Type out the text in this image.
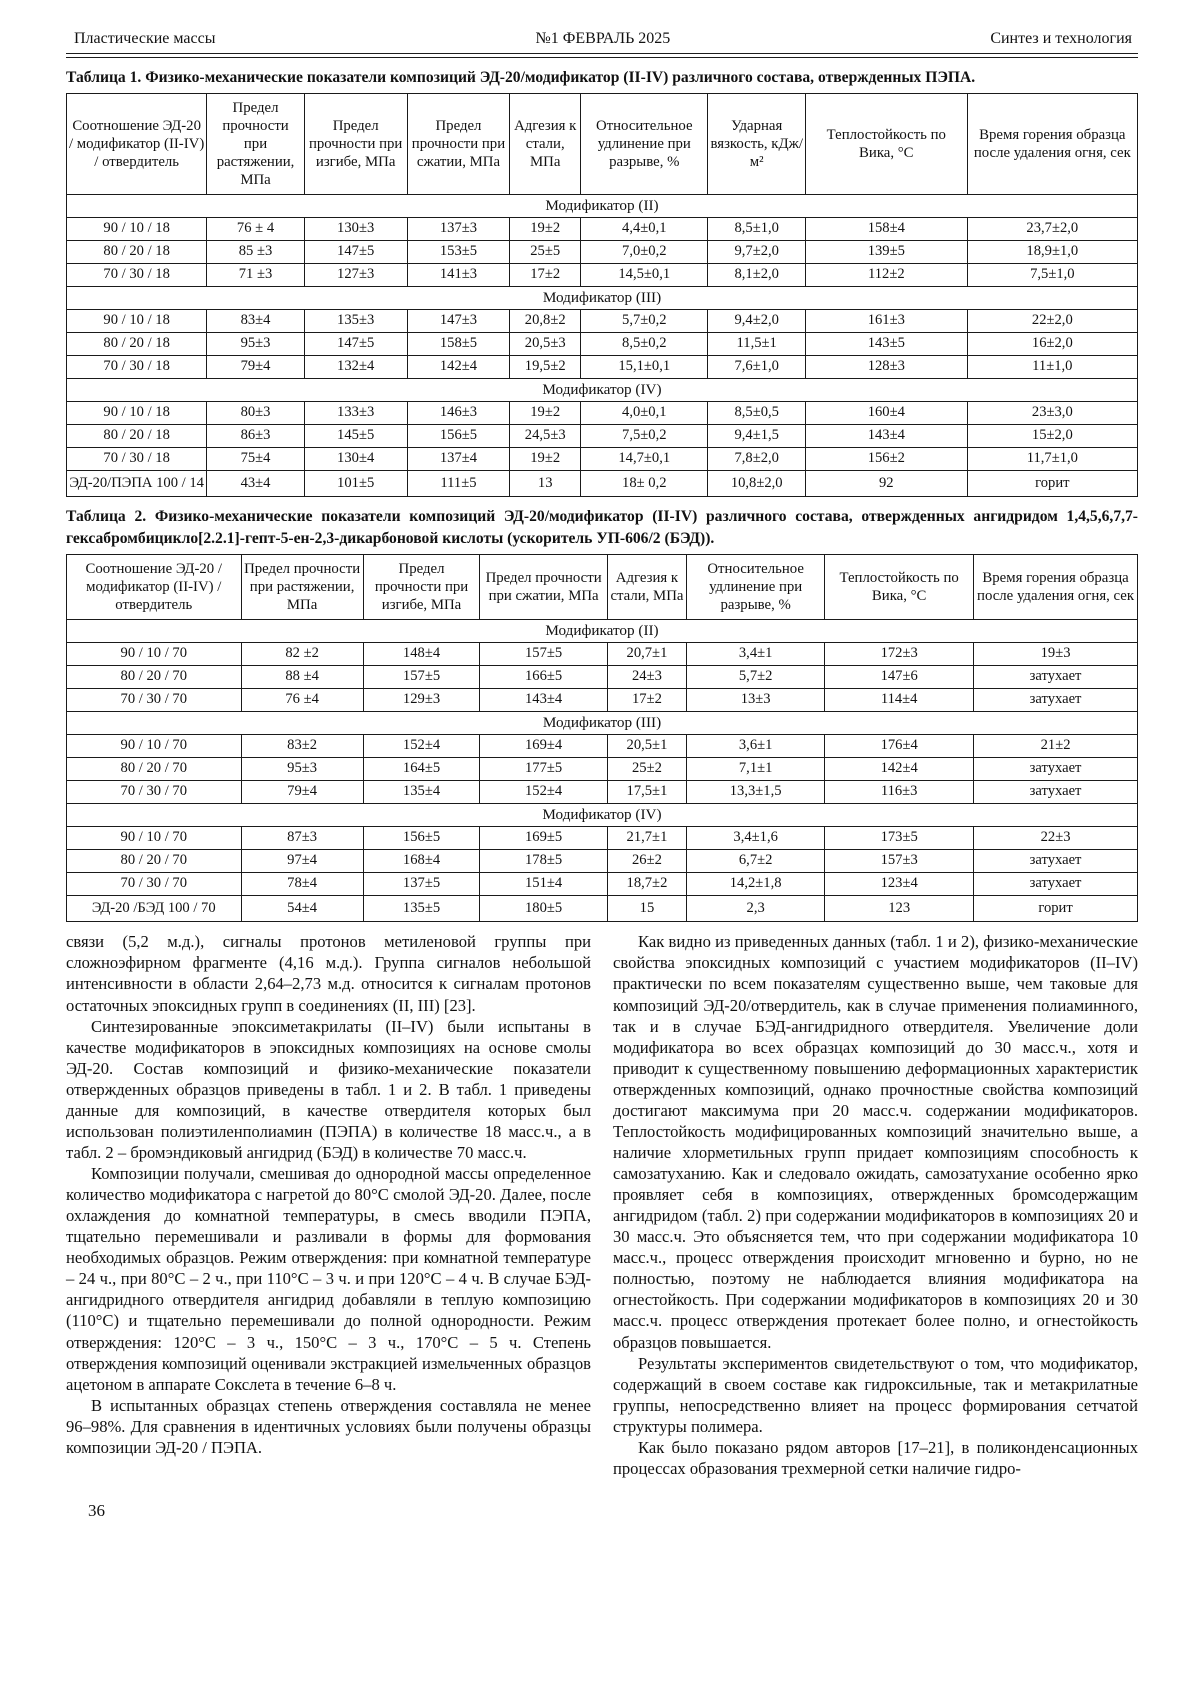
Пластические массы	№1 ФЕВРАЛЬ 2025	Синтез и технология

Таблица 1. Физико-механические показатели композиций ЭД-20/модификатор (II-IV) различного состава, отвержденных ПЭПА.

Соотношение ЭД-20 / модификатор (II-IV) / отвердитель	Предел прочности при растяжении, МПа	Предел прочности при изгибе, МПа	Предел прочности при сжатии, МПа	Адгезия к стали, МПа	Относительное удлинение при разрыве, %	Ударная вязкость, кДж/м²	Теплостойкость по Вика, °С	Время горения образца после удаления огня, сек
Модификатор (II)								
90 / 10 / 18	76 ± 4	130±3	137±3	19±2	4,4±0,1	8,5±1,0	158±4	23,7±2,0
80 / 20 / 18	85 ±3	147±5	153±5	25±5	7,0±0,2	9,7±2,0	139±5	18,9±1,0
70 / 30 / 18	71 ±3	127±3	141±3	17±2	14,5±0,1	8,1±2,0	112±2	7,5±1,0
Модификатор (III)								
90 / 10 / 18	83±4	135±3	147±3	20,8±2	5,7±0,2	9,4±2,0	161±3	22±2,0
80 / 20 / 18	95±3	147±5	158±5	20,5±3	8,5±0,2	11,5±1	143±5	16±2,0
70 / 30 / 18	79±4	132±4	142±4	19,5±2	15,1±0,1	7,6±1,0	128±3	11±1,0
Модификатор (IV)								
90 / 10 / 18	80±3	133±3	146±3	19±2	4,0±0,1	8,5±0,5	160±4	23±3,0
80 / 20 / 18	86±3	145±5	156±5	24,5±3	7,5±0,2	9,4±1,5	143±4	15±2,0
70 / 30 / 18	75±4	130±4	137±4	19±2	14,7±0,1	7,8±2,0	156±2	11,7±1,0
ЭД-20/ПЭПА 100 / 14	43±4	101±5	111±5	13	18± 0,2	10,8±2,0	92	горит

Таблица 2. Физико-механические показатели композиций ЭД-20/модификатор (II-IV) различного состава, отвержденных ангидридом 1,4,5,6,7,7-гексабромбицикло[2.2.1]-гепт-5-ен-2,3-дикарбоновой кислоты (ускоритель УП-606/2 (БЭД)).

Соотношение ЭД-20 / модификатор (II-IV) / отвердитель	Предел прочности при растяжении, МПа	Предел прочности при изгибе, МПа	Предел прочности при сжатии, МПа	Адгезия к стали, МПа	Относительное удлинение при разрыве, %	Теплостойкость по Вика, °С	Время горения образца после удаления огня, сек
Модификатор (II)							
90 / 10 / 70	82 ±2	148±4	157±5	20,7±1	3,4±1	172±3	19±3
80 / 20 / 70	88 ±4	157±5	166±5	24±3	5,7±2	147±6	затухает
70 / 30 / 70	76 ±4	129±3	143±4	17±2	13±3	114±4	затухает
Модификатор (III)							
90 / 10 / 70	83±2	152±4	169±4	20,5±1	3,6±1	176±4	21±2
80 / 20 / 70	95±3	164±5	177±5	25±2	7,1±1	142±4	затухает
70 / 30 / 70	79±4	135±4	152±4	17,5±1	13,3±1,5	116±3	затухает
Модификатор (IV)							
90 / 10 / 70	87±3	156±5	169±5	21,7±1	3,4±1,6	173±5	22±3
80 / 20 / 70	97±4	168±4	178±5	26±2	6,7±2	157±3	затухает
70 / 30 / 70	78±4	137±5	151±4	18,7±2	14,2±1,8	123±4	затухает
ЭД-20 /БЭД 100 / 70	54±4	135±5	180±5	15	2,3	123	горит

связи (5,2 м.д.), сигналы протонов метиленовой группы при сложноэфирном фрагменте (4,16 м.д.). Группа сигналов небольшой интенсивности в области 2,64–2,73 м.д. относится к сигналам протонов остаточных эпоксидных групп в соединениях (II, III) [23].

Синтезированные эпоксиметакрилаты (II–IV) были испытаны в качестве модификаторов в эпоксидных композициях на основе смолы ЭД-20. Состав композиций и физико-механические показатели отвержденных образцов приведены в табл. 1 и 2. В табл. 1 приведены данные для композиций, в качестве отвердителя которых был использован полиэтиленполиамин (ПЭПА) в количестве 18 масс.ч., а в табл. 2 – бромэндиковый ангидрид (БЭД) в количестве 70 масс.ч.

Композиции получали, смешивая до однородной массы определенное количество модификатора с нагретой до 80°С смолой ЭД-20. Далее, после охлаждения до комнатной температуры, в смесь вводили ПЭПА, тщательно перемешивали и разливали в формы для формования необходимых образцов. Режим отверждения: при комнатной температуре – 24 ч., при 80°С – 2 ч., при 110°С – 3 ч. и при 120°С – 4 ч. В случае БЭД-ангидридного отвердителя ангидрид добавляли в теплую композицию (110°С) и тщательно перемешивали до полной однородности. Режим отверждения: 120°С – 3 ч., 150°С – 3 ч., 170°С – 5 ч. Степень отверждения композиций оценивали экстракцией измельченных образцов ацетоном в аппарате Сокслета в течение 6–8 ч.

В испытанных образцах степень отверждения составляла не менее 96–98%. Для сравнения в идентичных условиях были получены образцы композиции ЭД-20 / ПЭПА.

Как видно из приведенных данных (табл. 1 и 2), физико-механические свойства эпоксидных композиций с участием модификаторов (II–IV) практически по всем показателям существенно выше, чем таковые для композиций ЭД-20/отвердитель, как в случае применения полиаминного, так и в случае БЭД-ангидридного отвердителя. Увеличение доли модификатора во всех образцах композиций до 30 масс.ч., хотя и приводит к существенному повышению деформационных характеристик отвержденных композиций, однако прочностные свойства композиций достигают максимума при 20 масс.ч. содержании модификаторов. Теплостойкость модифицированных композиций значительно выше, а наличие хлорметильных групп придает композициям способность к самозатуханию. Как и следовало ожидать, самозатухание особенно ярко проявляет себя в композициях, отвержденных бромсодержащим ангидридом (табл. 2) при содержании модификаторов в композициях 20 и 30 масс.ч. Это объясняется тем, что при содержании модификатора 10 масс.ч., процесс отверждения происходит мгновенно и бурно, но не полностью, поэтому не наблюдается влияния модификатора на огнестойкость. При содержании модификаторов в композициях 20 и 30 масс.ч. процесс отверждения протекает более полно, и огнестойкость образцов повышается.

Результаты экспериментов свидетельствуют о том, что модификатор, содержащий в своем составе как гидроксильные, так и метакрилатные группы, непосредственно влияет на процесс формирования сетчатой структуры полимера.

Как было показано рядом авторов [17–21], в поликонденсационных процессах образования трехмерной сетки наличие гидро-

36
